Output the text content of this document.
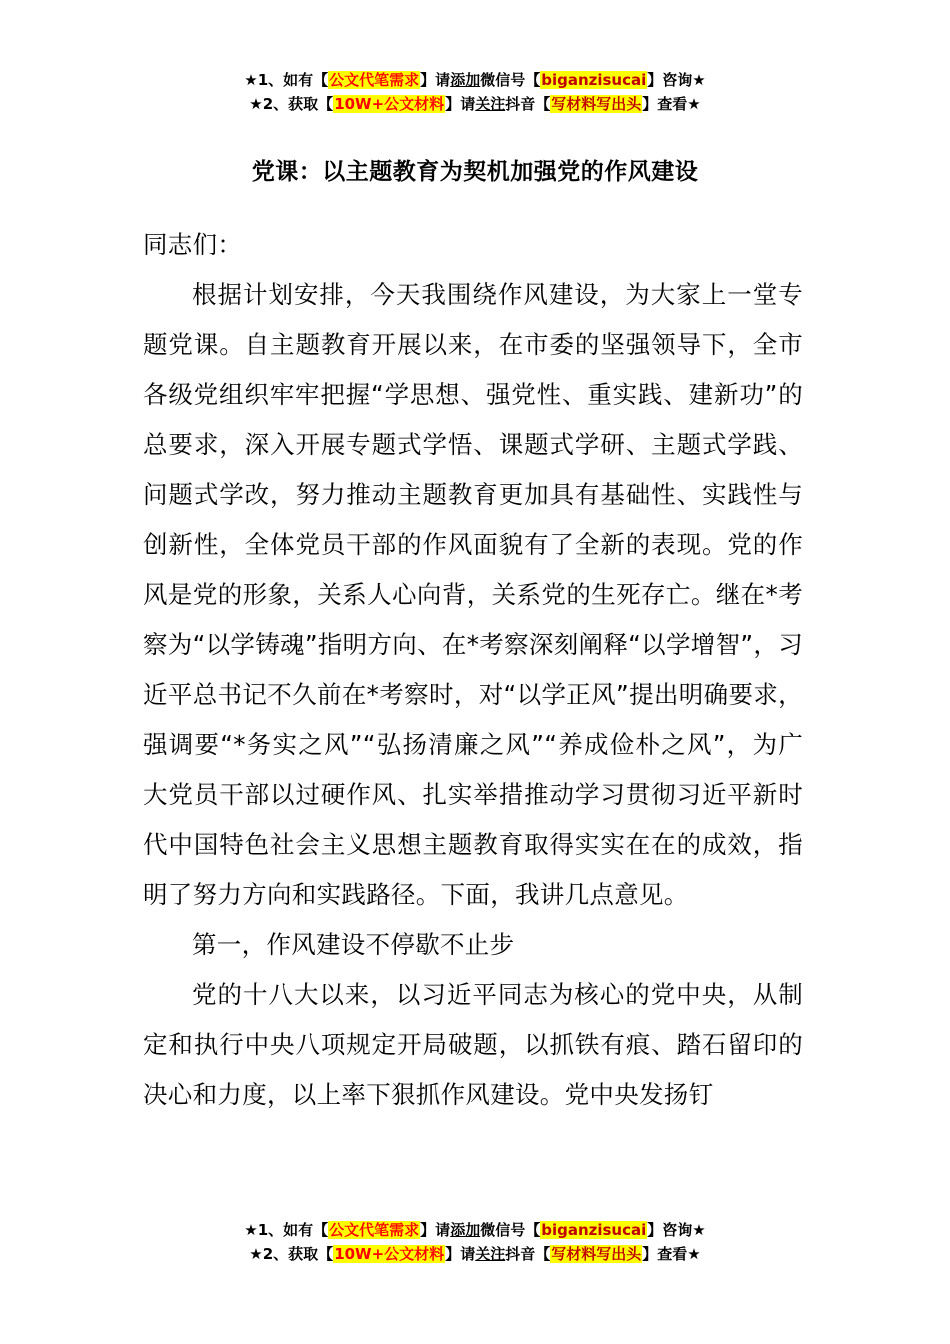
★1、如有【公文代笔需求】请添加微信号【biganzisucai】咨询★
★2、获取【10W+公文材料】请关注抖音【写材料写出头】查看★
党课：以主题教育为契机加强党的作风建设

同志们：

根据计划安排，今天我围绕作风建设，为大家上一堂专题党课。自主题教育开展以来，在市委的坚强领导下，全市各级党组织牢牢把握“学思想、强党性、重实践、建新功”的总要求，深入开展专题式学悟、课题式学研、主题式学践、问题式学改，努力推动主题教育更加具有基础性、实践性与创新性，全体党员干部的作风面貌有了全新的表现。党的作风是党的形象，关系人心向背，关系党的生死存亡。继在*考察为“以学铸魂”指明方向、在*考察深刻阐释“以学增智”，习近平总书记不久前在*考察时，对“以学正风”提出明确要求，强调要“*务实之风”“弘扬清廉之风”“养成俭朴之风”，为广大党员干部以过硬作风、扎实举措推动学习贯彻习近平新时代中国特色社会主义思想主题教育取得实实在在的成效，指明了努力方向和实践路径。下面，我讲几点意见。

第一，作风建设不停歇不止步

党的十八大以来，以习近平同志为核心的党中央，从制定和执行中央八项规定开局破题，以抓铁有痕、踏石留印的决心和力度，以上率下狠抓作风建设。党中央发扬钉

★1、如有【公文代笔需求】请添加微信号【biganzisucai】咨询★
★2、获取【10W+公文材料】请关注抖音【写材料写出头】查看★
